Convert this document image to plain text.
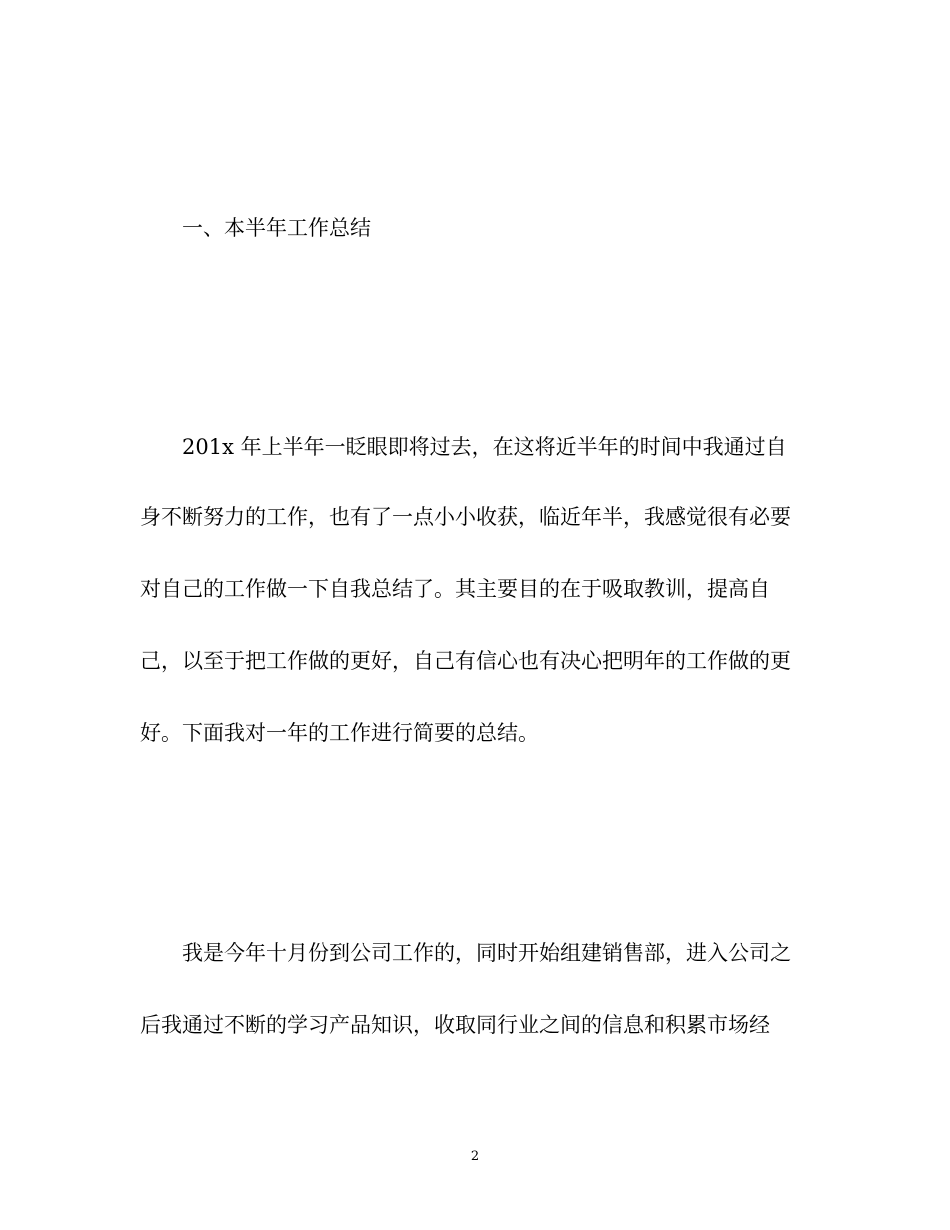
一、本半年工作总结
201x 年上半年一眨眼即将过去，在这将近半年的时间中我通过自
身不断努力的工作，也有了一点小小收获，临近年半，我感觉很有必要
对自己的工作做一下自我总结了。其主要目的在于吸取教训，提高自
己，以至于把工作做的更好，自己有信心也有决心把明年的工作做的更
好。下面我对一年的工作进行简要的总结。
我是今年十月份到公司工作的，同时开始组建销售部，进入公司之
后我通过不断的学习产品知识，收取同行业之间的信息和积累市场经
2
